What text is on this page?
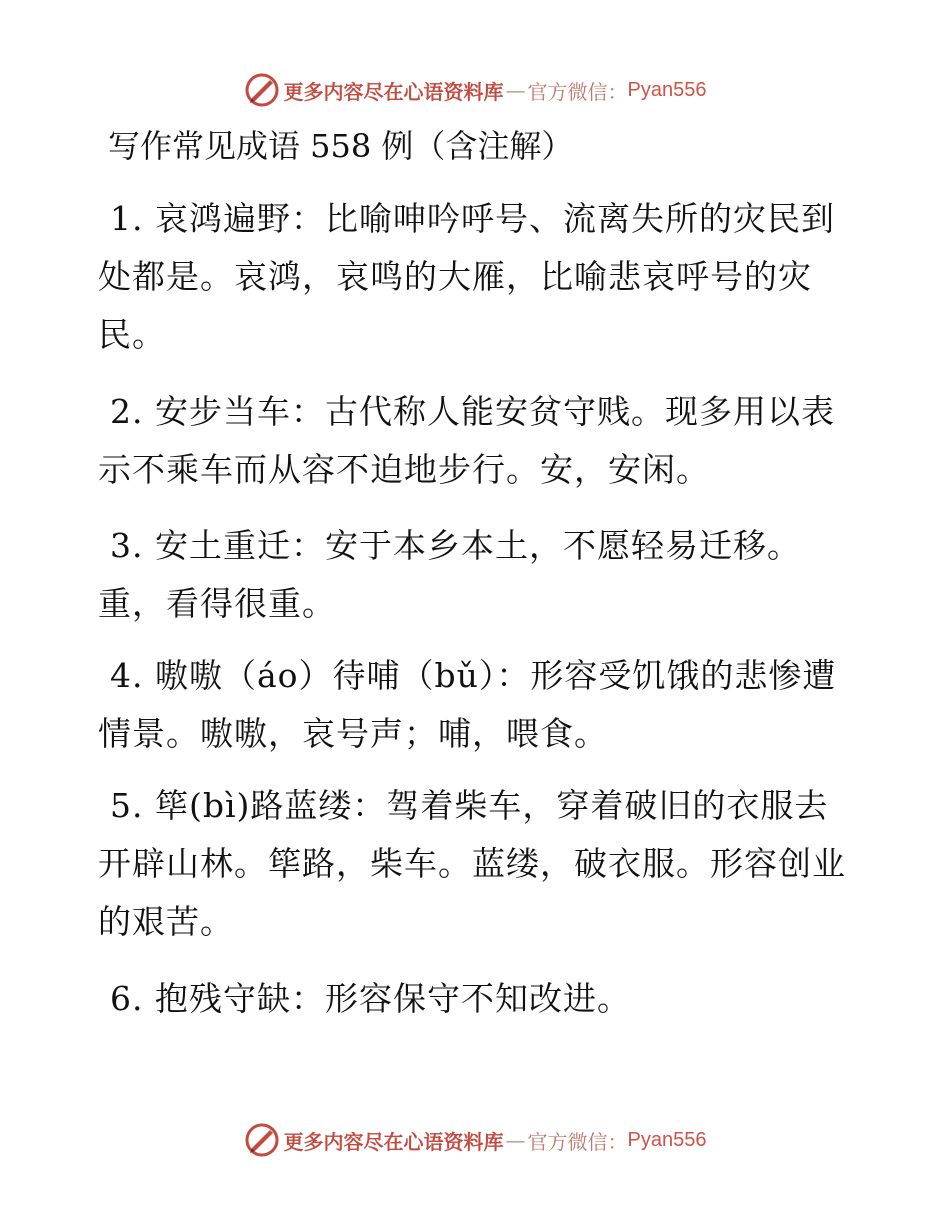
更多内容尽在心语资料库 — 官方微信： Pyan556
写作常见成语 558 例（含注解）

1. 哀鸿遍野：比喻呻吟呼号、流离失所的灾民到处都是。哀鸿，哀鸣的大雁，比喻悲哀呼号的灾民。

2. 安步当车：古代称人能安贫守贱。现多用以表示不乘车而从容不迫地步行。安，安闲。

3. 安土重迁：安于本乡本土，不愿轻易迁移。重，看得很重。

4. 嗷嗷（áo）待哺（bǔ）：形容受饥饿的悲惨遭情景。嗷嗷，哀号声；哺，喂食。

5. 筚(bì)路蓝缕：驾着柴车，穿着破旧的衣服去开辟山林。筚路，柴车。蓝缕，破衣服。形容创业的艰苦。

6. 抱残守缺：形容保守不知改进。

更多内容尽在心语资料库 — 官方微信： Pyan556
